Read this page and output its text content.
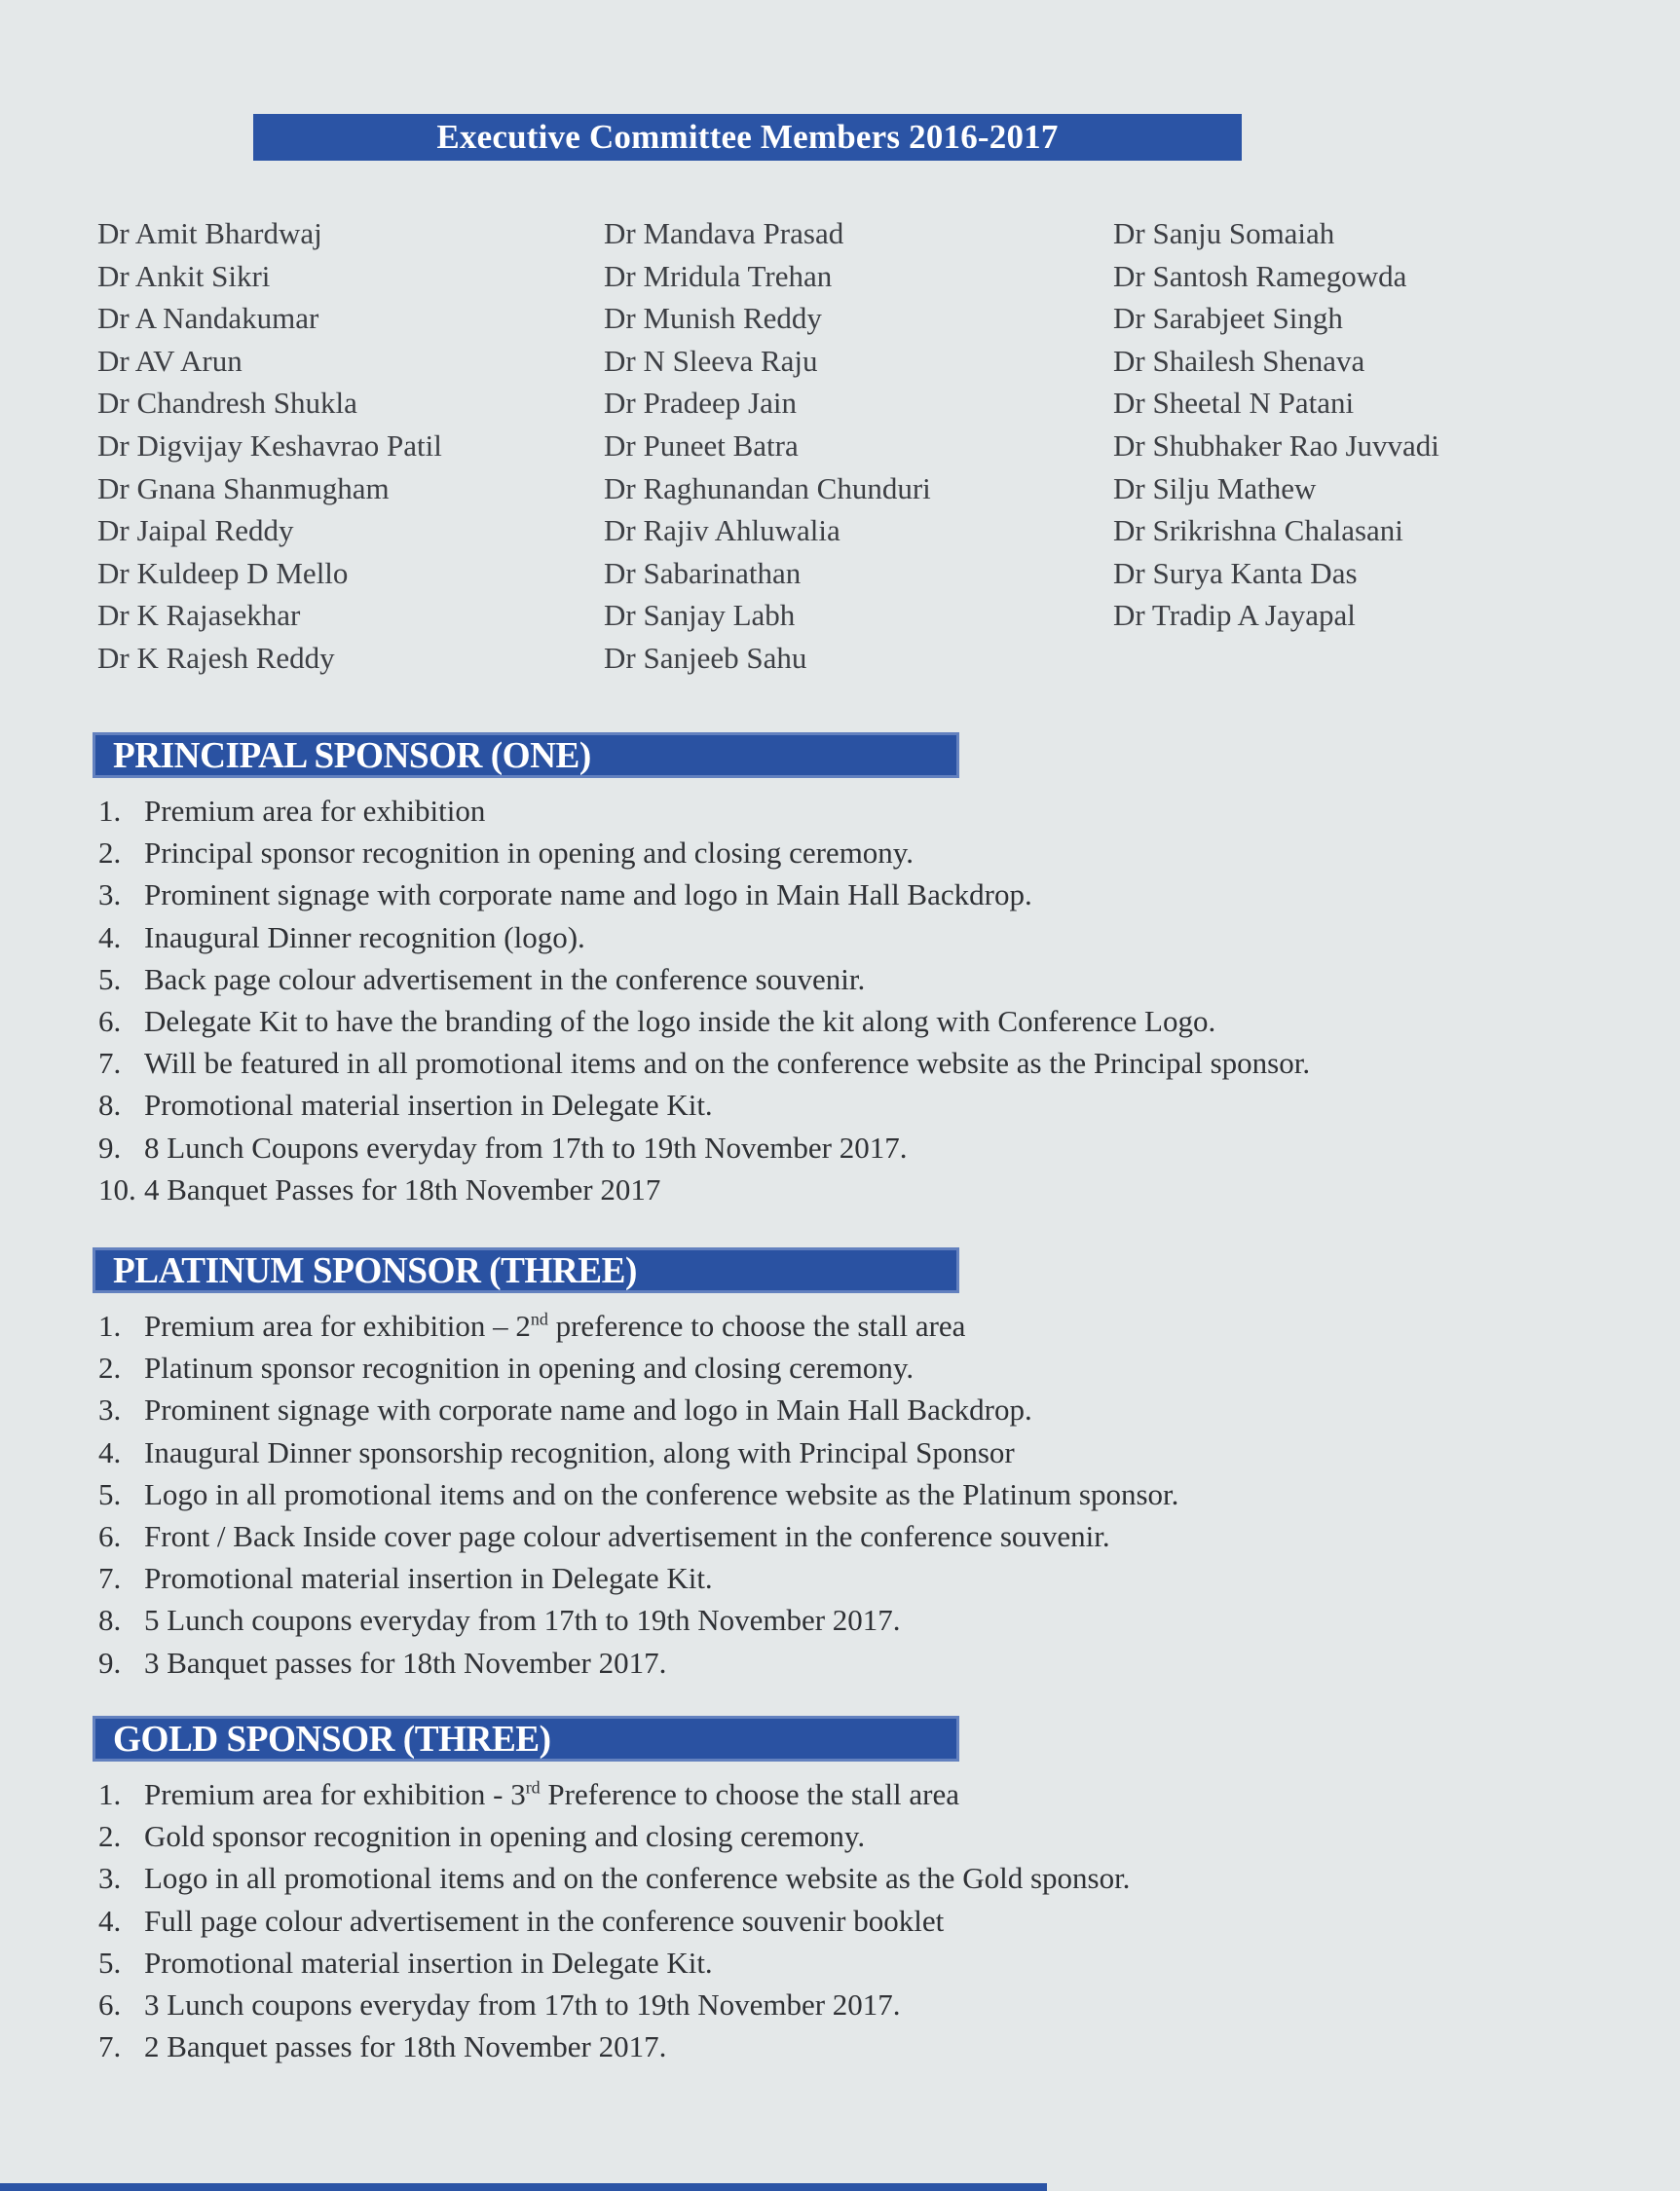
Executive Committee Members 2016-2017
Dr Amit Bhardwaj
Dr Ankit Sikri
Dr A Nandakumar
Dr AV Arun
Dr Chandresh Shukla
Dr Digvijay Keshavrao Patil
Dr Gnana Shanmugham
Dr Jaipal Reddy
Dr Kuldeep D Mello
Dr K Rajasekhar
Dr K Rajesh Reddy
Dr Mandava Prasad
Dr Mridula Trehan
Dr Munish Reddy
Dr N Sleeva Raju
Dr Pradeep Jain
Dr Puneet Batra
Dr Raghunandan Chunduri
Dr Rajiv Ahluwalia
Dr Sabarinathan
Dr Sanjay Labh
Dr Sanjeeb Sahu
Dr Sanju Somaiah
Dr Santosh Ramegowda
Dr Sarabjeet Singh
Dr Shailesh Shenava
Dr Sheetal N Patani
Dr Shubhaker Rao Juvvadi
Dr Silju Mathew
Dr Srikrishna Chalasani
Dr Surya Kanta Das
Dr Tradip A Jayapal
PRINCIPAL SPONSOR (ONE)
1. Premium area for exhibition
2. Principal sponsor recognition in opening and closing ceremony.
3. Prominent signage with corporate name and logo in Main Hall Backdrop.
4. Inaugural Dinner recognition (logo).
5. Back page colour advertisement in the conference souvenir.
6. Delegate Kit to have the branding of the logo inside the kit along with Conference Logo.
7. Will be featured in all promotional items and on the conference website as the Principal sponsor.
8. Promotional material insertion in Delegate Kit.
9. 8 Lunch Coupons everyday from 17th to 19th November 2017.
10. 4 Banquet Passes for 18th November 2017
PLATINUM SPONSOR (THREE)
1. Premium area for exhibition – 2nd preference to choose the stall area
2. Platinum sponsor recognition in opening and closing ceremony.
3. Prominent signage with corporate name and logo in Main Hall Backdrop.
4. Inaugural Dinner sponsorship recognition, along with Principal Sponsor
5. Logo in all promotional items and on the conference website as the Platinum sponsor.
6. Front / Back Inside cover page colour advertisement in the conference souvenir.
7. Promotional material insertion in Delegate Kit.
8. 5 Lunch coupons everyday from 17th to 19th November 2017.
9. 3 Banquet passes for 18th November 2017.
GOLD SPONSOR (THREE)
1. Premium area for exhibition - 3rd Preference to choose the stall area
2. Gold sponsor recognition in opening and closing ceremony.
3. Logo in all promotional items and on the conference website as the Gold sponsor.
4. Full page colour advertisement in the conference souvenir booklet
5. Promotional material insertion in Delegate Kit.
6. 3 Lunch coupons everyday from 17th to 19th November 2017.
7. 2 Banquet passes for 18th November 2017.
